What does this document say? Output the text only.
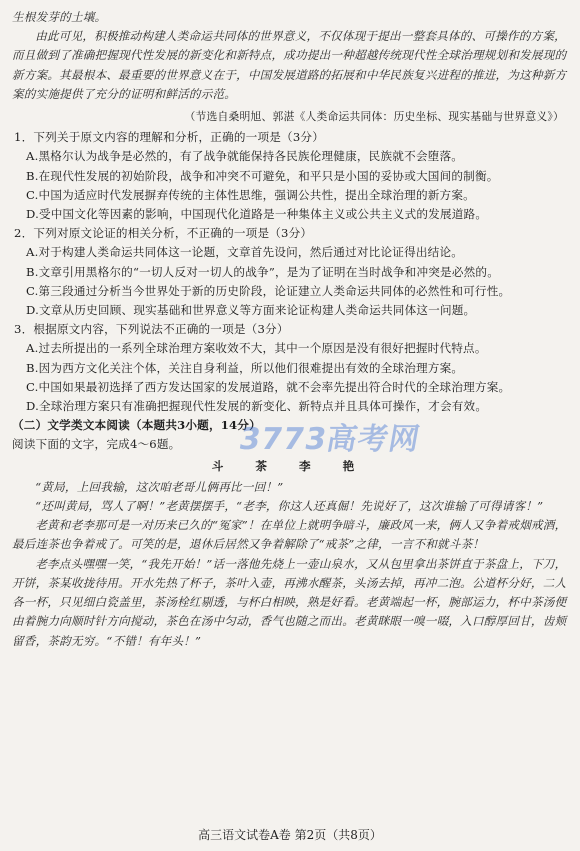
生根发芽的土壤。

由此可见，积极推动构建人类命运共同体的世界意义，不仅体现于提出一整套具体的、可操作的方案，而且做到了准确把握现代性发展的新变化和新特点，成功提出一种超越传统现代性全球治理规划和发展现的新方案。其最根本、最重要的世界意义在于，中国发展道路的拓展和中华民族复兴进程的推进，为这种新方案的实施提供了充分的证明和鲜活的示范。

（节选自桑明旭、郭湛《人类命运共同体：历史坐标、现实基础与世界意义》）

1．下列关于原文内容的理解和分析，正确的一项是（3分）

A.黑格尔认为战争是必然的，有了战争就能保持各民族伦理健康，民族就不会堕落。

B.在现代性发展的初始阶段，战争和冲突不可避免，和平只是小国的妥协或大国间的制衡。

C.中国为适应时代发展摒弃传统的主体性思维，强调公共性，提出全球治理的新方案。

D.受中国文化等因素的影响，中国现代化道路是一种集体主义或公共主义式的发展道路。

2．下列对原文论证的相关分析，不正确的一项是（3分）

A.对于构建人类命运共同体这一论题，文章首先设问，然后通过对比论证得出结论。

B.文章引用黑格尔的“一切人反对一切人的战争”，是为了证明在当时战争和冲突是必然的。

C.第三段通过分析当今世界处于新的历史阶段，论证建立人类命运共同体的必然性和可行性。

D.文章从历史回顾、现实基础和世界意义等方面来论证构建人类命运共同体这一问题。

3．根据原文内容，下列说法不正确的一项是（3分）

A.过去所提出的一系列全球治理方案收效不大，其中一个原因是没有很好把握时代特点。

B.因为西方文化关注个体，关注自身利益，所以他们很难提出有效的全球治理方案。

C.中国如果最初选择了西方发达国家的发展道路，就不会率先提出符合时代的全球治理方案。

D.全球治理方案只有准确把握现代性发展的新变化、新特点并且具体可操作，才会有效。

（二）文学类文本阅读（本题共3小题，14分）

阅读下面的文字，完成4～6题。

斗 茶 李 艳

“黄局，上回我输，这次咱老哥儿俩再比一回！”

“还叫黄局，骂人了啊！”老黄摆摆手，“老李，你这人还真倔！先说好了，这次谁输了可得请客！”

老黄和老李那可是一对历来已久的“冤家”！在单位上就明争暗斗，廉政风一来，俩人又争着戒烟戒酒，最后连茶也争着戒了。可笑的是，退休后居然又争着解除了“戒茶”之律，一言不和就斗茶！

老李点头嘿嘿一笑，“我先开始！”话一落他先烧上一壶山泉水，又从包里拿出茶饼直于茶盘上，下刀，开饼，茶某收拢待用。开水先热了杯子，茶叶入壶，再沸水醒茶，头汤去掉，再冲二泡。公道杯分好，二人各一杯，只见细白瓷盖里，茶汤栓红剔透，与杯白相映，熟是好看。老黄端起一杯，腕部运力，杯中茶汤便由着腕力向顺时针方向搅动，茶色在汤中匀动，香气也随之而出。老黄眯眼一嗅一啜，入口醇厚回甘，齿颊留香，茶韵无穷。“不错！有年头！”

3773高考网
高三语文试卷A卷 第2页（共8页）
